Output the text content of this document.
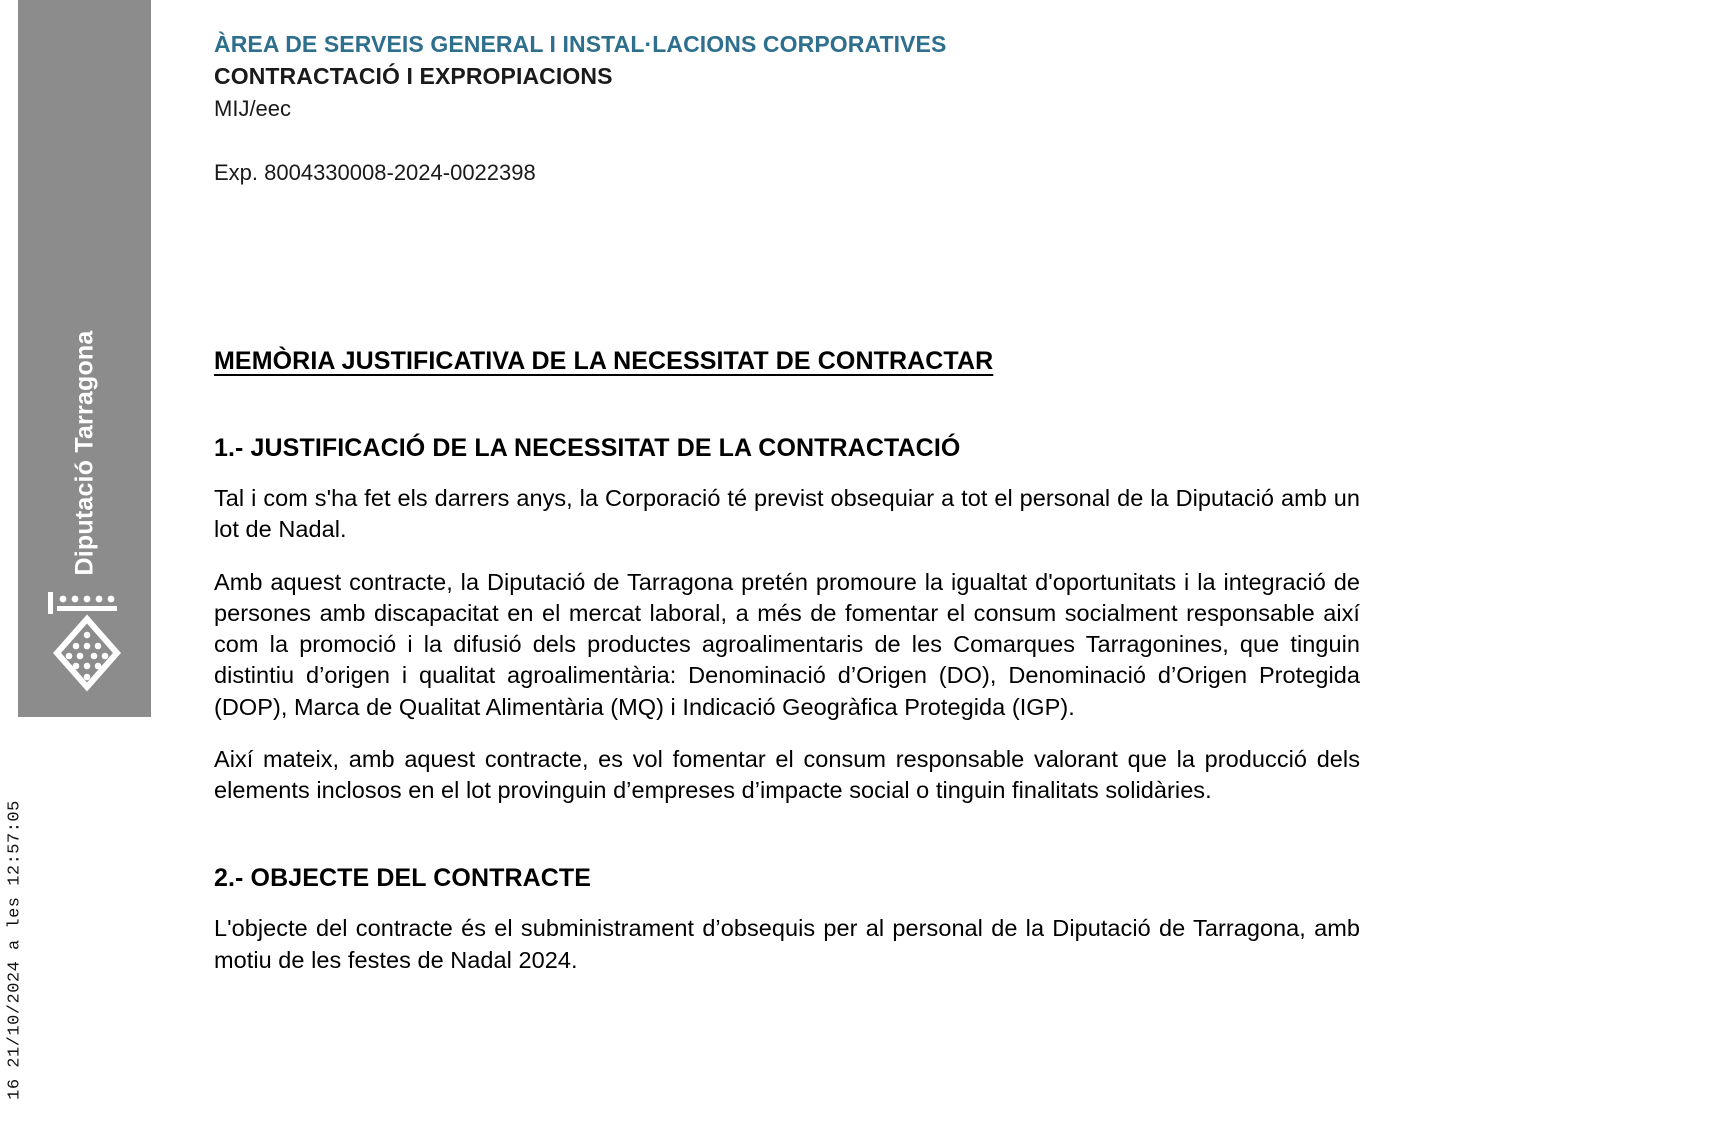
16 21/10/2024 a les 12:57:05
Diputació Tarragona
ÀREA DE SERVEIS GENERAL I INSTAL·LACIONS CORPORATIVES
CONTRACTACIÓ I EXPROPIACIONS
MIJ/eec
Exp. 8004330008-2024-0022398
MEMÒRIA JUSTIFICATIVA DE LA NECESSITAT DE CONTRACTAR
1.- JUSTIFICACIÓ DE LA NECESSITAT DE LA CONTRACTACIÓ

Tal i com s'ha fet els darrers anys, la Corporació té previst obsequiar a tot el personal de la Diputació amb un lot de Nadal.

Amb aquest contracte, la Diputació de Tarragona pretén promoure la igualtat d'oportunitats i la integració de persones amb discapacitat en el mercat laboral, a més de fomentar el consum socialment responsable així com la promoció i la difusió dels productes agroalimentaris de les Comarques Tarragonines, que tinguin distintiu d’origen i qualitat agroalimentària: Denominació d’Origen (DO), Denominació d’Origen Protegida (DOP), Marca de Qualitat Alimentària (MQ) i Indicació Geogràfica Protegida (IGP).

Així mateix, amb aquest contracte, es vol fomentar el consum responsable valorant que la producció dels elements inclosos en el lot provinguin d’empreses d’impacte social o tinguin finalitats solidàries.

2.- OBJECTE DEL CONTRACTE

L'objecte del contracte és el subministrament d’obsequis per al personal de la Diputació de Tarragona, amb motiu de les festes de Nadal 2024.
